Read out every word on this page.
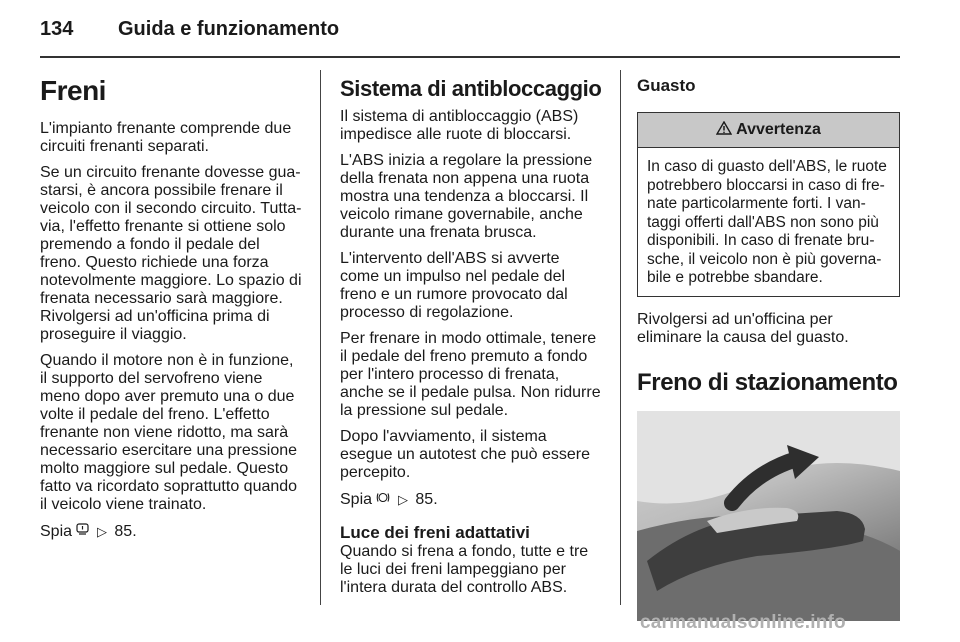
134 Guida e funzionamento
Freni

L'impianto frenante comprende due circuiti frenanti separati.

Se un circuito frenante dovesse guastarsi, è ancora possibile frenare il veicolo con il secondo circuito. Tuttavia, l'effetto frenante si ottiene solo premendo a fondo il pedale del freno. Questo richiede una forza notevolmente maggiore. Lo spazio di frenata necessario sarà maggiore. Rivolgersi ad un'officina prima di proseguire il viaggio.

Quando il motore non è in funzione, il supporto del servofreno viene meno dopo aver premuto una o due volte il pedale del freno. L'effetto frenante non viene ridotto, ma sarà necessario esercitare una pressione molto maggiore sul pedale. Questo fatto va ricordato soprattutto quando il veicolo viene trainato.

Spia ▷ 85.

Sistema di antibloccaggio

Il sistema di antibloccaggio (ABS) impedisce alle ruote di bloccarsi.

L'ABS inizia a regolare la pressione della frenata non appena una ruota mostra una tendenza a bloccarsi. Il veicolo rimane governabile, anche durante una frenata brusca.

L'intervento dell'ABS si avverte come un impulso nel pedale del freno e un rumore provocato dal processo di regolazione.

Per frenare in modo ottimale, tenere il pedale del freno premuto a fondo per l'intero processo di frenata, anche se il pedale pulsa. Non ridurre la pressione sul pedale.

Dopo l'avviamento, il sistema esegue un autotest che può essere percepito.

Spia ▷ 85.

Luce dei freni adattativi

Quando si frena a fondo, tutte e tre le luci dei freni lampeggiano per l'intera durata del controllo ABS.

Guasto
Avvertenza
In caso di guasto dell'ABS, le ruote potrebbero bloccarsi in caso di frenate particolarmente forti. I vantaggi offerti dall'ABS non sono più disponibili. In caso di frenate brusche, il veicolo non è più governabile e potrebbe sbandare.

Rivolgersi ad un'officina per eliminare la causa del guasto.

Freno di stazionamento
carmanualsonline.info
